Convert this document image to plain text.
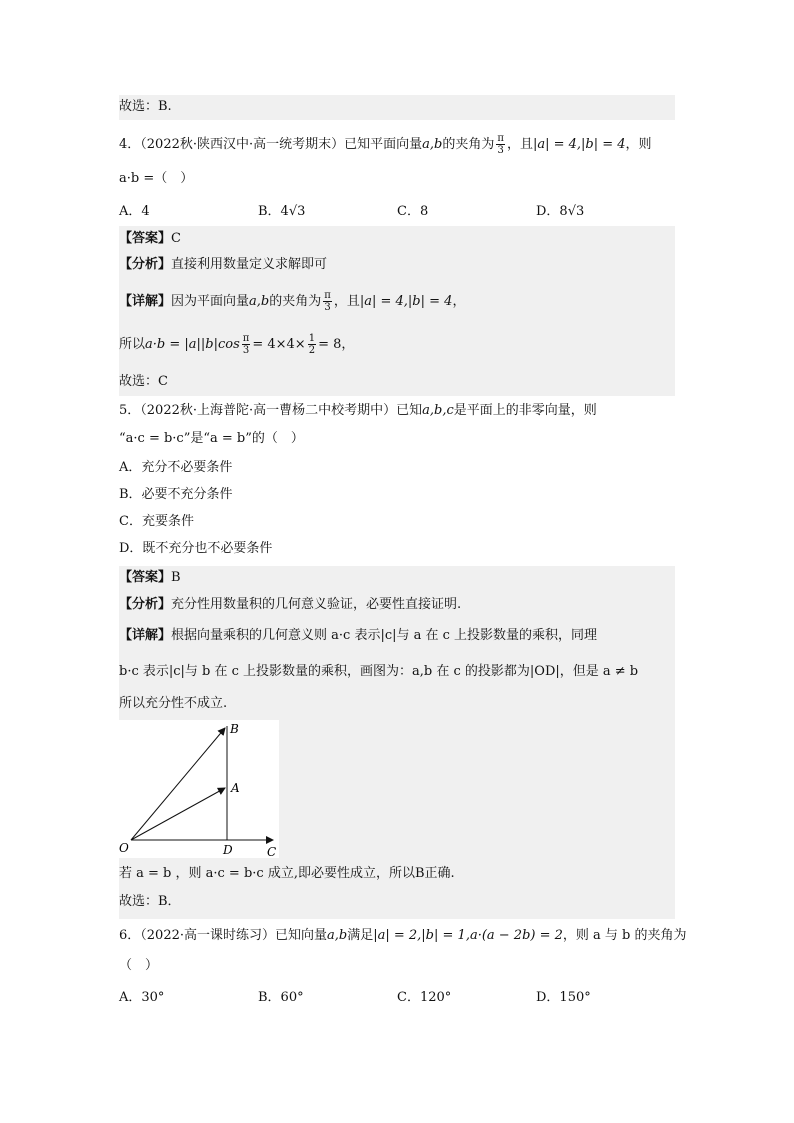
故选：B.
4．（2022秋·陕西汉中·高一统考期末）已知平面向量a,b的夹角为 $\frac{\pi}{3}$ ，且|a| = 4,|b| = 4，则
a·b =（　）
A．4	B．4√3	C．8	D．8√3
【答案】C
【分析】直接利用数量定义求解即可
【详解】因为平面向量a,b的夹角为 $\frac{\pi}{3}$ ，且|a| = 4,|b| = 4，
所以$a\cdot b = |a||b|\cos \frac{\pi}{3} = 4\times 4\times \frac{1}{2} = 8$，
故选：C
5．（2022秋·上海普陀·高一曹杨二中校考期中）已知a,b,c是平面上的非零向量，则
“a·c = b·c”是“a = b”的（　）
A．充分不必要条件
B．必要不充分条件
C．充要条件
D．既不充分也不必要条件
【答案】B
【分析】充分性用数量积的几何意义验证，必要性直接证明.
【详解】根据向量乘积的几何意义则 a·c 表示|c|与 a 在 c 上投影数量的乘积，同理
b·c 表示|c|与 b 在 c 上投影数量的乘积，画图为：a,b 在 c 的投影都为|OD|，但是 a ≠ b
所以充分性不成立.
B
A
O	D	C
若 a = b ，则 a·c = b·c 成立,即必要性成立，所以B正确.
故选：B．
6．（2022·高一课时练习）已知向量a,b满足|a| = 2,|b| = 1,a·(a − 2b) = 2，则 a 与 b 的夹角为
（　）
A．30°	B．60°	C．120°	D．150°
